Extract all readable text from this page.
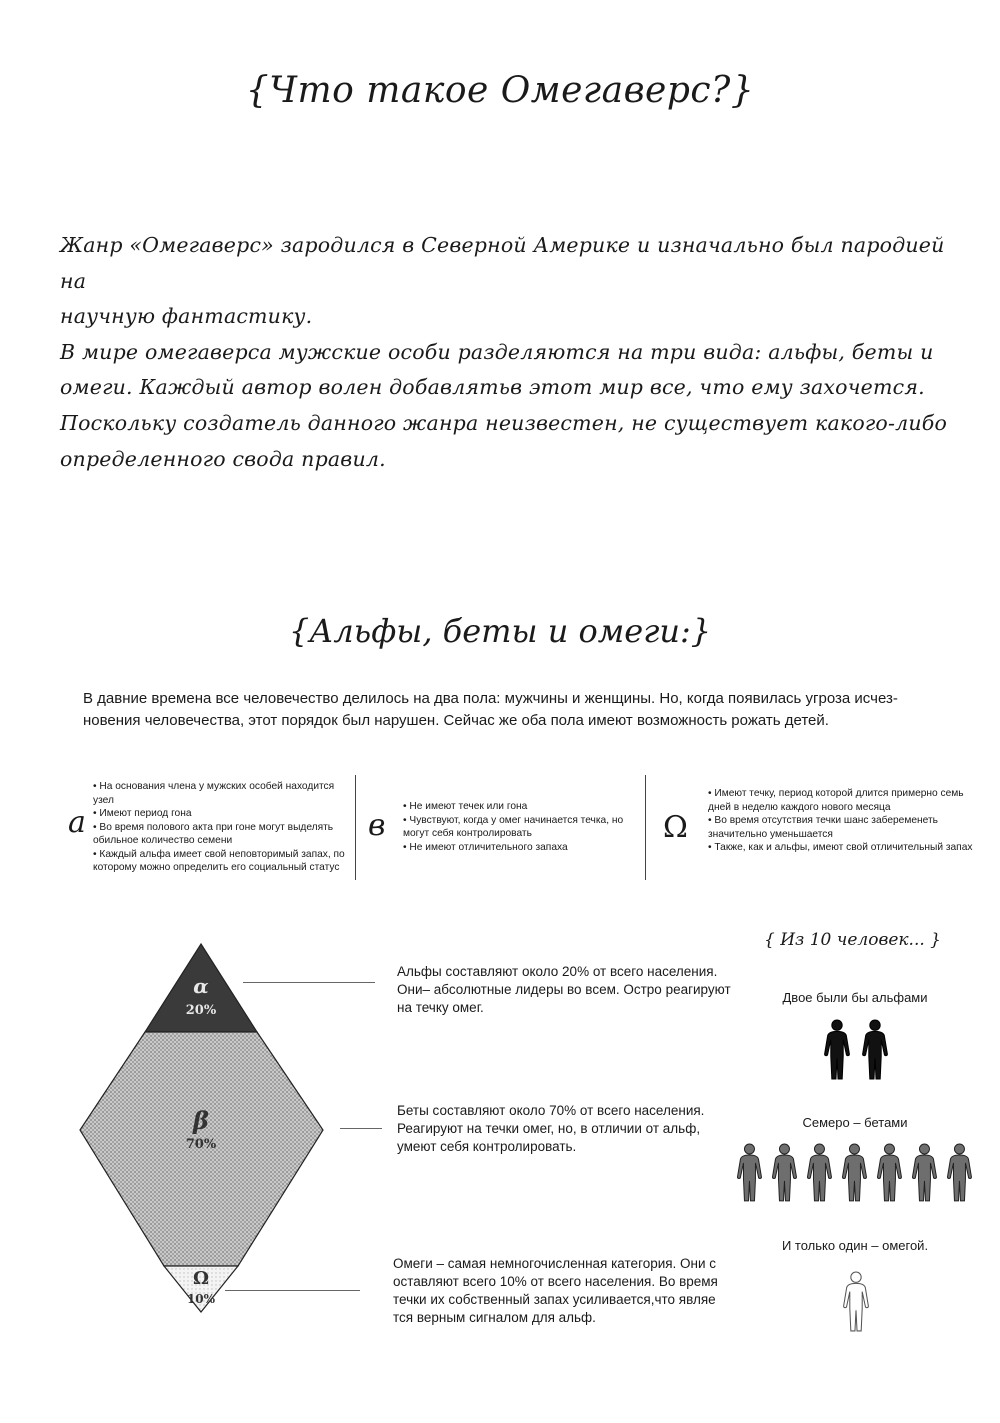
{Что такое Омегаверс?}

Жанр «Омегаверс» зародился в Северной Америке и изначально был пародией на

научную фантастику.

В мире омегаверса мужские особи разделяются на три вида: альфы, беты и

омеги. Каждый автор волен добавлятьв этот мир все, что ему захочется.

Поскольку создатель данного жанра неизвестен, не существует какого-либо

определенного свода правил.

{Альфы, беты и омеги:}
В давние времена все человечество делилось на два пола: мужчины и женщины. Но, когда появилась угроза исчез-
новения человечества, этот порядок был нарушен. Сейчас же оба пола имеют возможность рожать детей.
a
• На основания члена у мужских особей находится узел
• Имеют период гона
• Во время полового акта при гоне могут выделять обильное количество семени
• Каждый альфа имеет свой неповторимый запах, по которому можно определить его социальный статус
в
• Не имеют течек или гона
• Чувствуют, когда у омег начинается течка, но могут себя контролировать
• Не имеют отличительного запаха
Ω
• Имеют течку, период которой длится примерно семь дней в неделю каждого нового месяца
• Во время отсутствия течки шанс забеременеть значительно уменьшается
• Также, как и альфы, имеют свой отличительный запах
α
20%
β
70%
Ω
10%
Альфы составляют около 20% от всего населения.
Они– абсолютные лидеры во всем. Остро реагируют
на течку омег.
Беты составляют около 70% от всего населения.
Реагируют на течки омег, но, в отличии от альф,
умеют себя контролировать.
Омеги – самая немногочисленная категория. Они с
оставляют всего 10% от всего населения. Во время
течки их собственный запах усиливается,что являе
тся верным сигналом для альф.
{ Из 10 человек... }
Двое были бы альфами
Семеро – бетами
И только один – омегой.
